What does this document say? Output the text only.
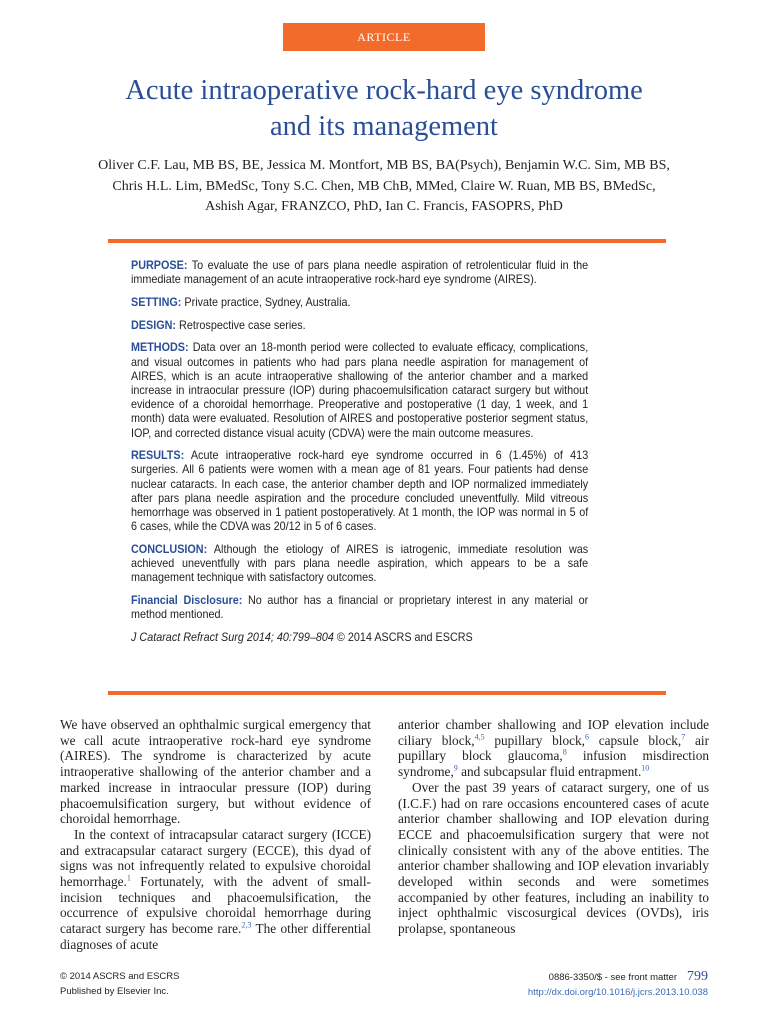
ARTICLE
Acute intraoperative rock-hard eye syndrome
and its management
Oliver C.F. Lau, MB BS, BE, Jessica M. Montfort, MB BS, BA(Psych), Benjamin W.C. Sim, MB BS,
Chris H.L. Lim, BMedSc, Tony S.C. Chen, MB ChB, MMed, Claire W. Ruan, MB BS, BMedSc,
Ashish Agar, FRANZCO, PhD, Ian C. Francis, FASOPRS, PhD

PURPOSE: To evaluate the use of pars plana needle aspiration of retrolenticular fluid in the immediate management of an acute intraoperative rock-hard eye syndrome (AIRES).

SETTING: Private practice, Sydney, Australia.

DESIGN: Retrospective case series.

METHODS: Data over an 18-month period were collected to evaluate efficacy, complications, and visual outcomes in patients who had pars plana needle aspiration for management of AIRES, which is an acute intraoperative shallowing of the anterior chamber and a marked increase in intraocular pressure (IOP) during phacoemulsification cataract surgery but without evidence of a choroidal hemorrhage. Preoperative and postoperative (1 day, 1 week, and 1 month) data were evaluated. Resolution of AIRES and postoperative posterior segment status, IOP, and corrected distance visual acuity (CDVA) were the main outcome measures.

RESULTS: Acute intraoperative rock-hard eye syndrome occurred in 6 (1.45%) of 413 surgeries. All 6 patients were women with a mean age of 81 years. Four patients had dense nuclear cataracts. In each case, the anterior chamber depth and IOP normalized immediately after pars plana needle aspiration and the procedure concluded uneventfully. Mild vitreous hemorrhage was observed in 1 patient postoperatively. At 1 month, the IOP was normal in 5 of 6 cases, while the CDVA was 20/12 in 5 of 6 cases.

CONCLUSION: Although the etiology of AIRES is iatrogenic, immediate resolution was achieved uneventfully with pars plana needle aspiration, which appears to be a safe management technique with satisfactory outcomes.

Financial Disclosure: No author has a financial or proprietary interest in any material or method mentioned.

J Cataract Refract Surg 2014; 40:799–804 © 2014 ASCRS and ESCRS

We have observed an ophthalmic surgical emergency that we call acute intraoperative rock-hard eye syndrome (AIRES). The syndrome is characterized by acute intraoperative shallowing of the anterior chamber and a marked increase in intraocular pressure (IOP) during phacoemulsification surgery, but without evidence of choroidal hemorrhage.

In the context of intracapsular cataract surgery (ICCE) and extracapsular cataract surgery (ECCE), this dyad of signs was not infrequently related to expulsive choroidal hemorrhage.$^1$ Fortunately, with the advent of small-incision techniques and phacoemulsification, the occurrence of expulsive choroidal hemorrhage during cataract surgery has become rare.$^{2,3}$ The other differential diagnoses of acute

anterior chamber shallowing and IOP elevation include ciliary block,$^{4,5}$ pupillary block,$^6$ capsule block,$^7$ air pupillary block glaucoma,$^8$ infusion misdirection syndrome,$^9$ and subcapsular fluid entrapment.$^{10}$

Over the past 39 years of cataract surgery, one of us (I.C.F.) had on rare occasions encountered cases of acute anterior chamber shallowing and IOP elevation during ECCE and phacoemulsification surgery that were not clinically consistent with any of the above entities. The anterior chamber shallowing and IOP elevation invariably developed within seconds and were sometimes accompanied by other features, including an inability to inject ophthalmic viscosurgical devices (OVDs), iris prolapse, spontaneous

© 2014 ASCRS and ESCRS
Published by Elsevier Inc.
0886-3350/$ - see front matter 799
http://dx.doi.org/10.1016/j.jcrs.2013.10.038
